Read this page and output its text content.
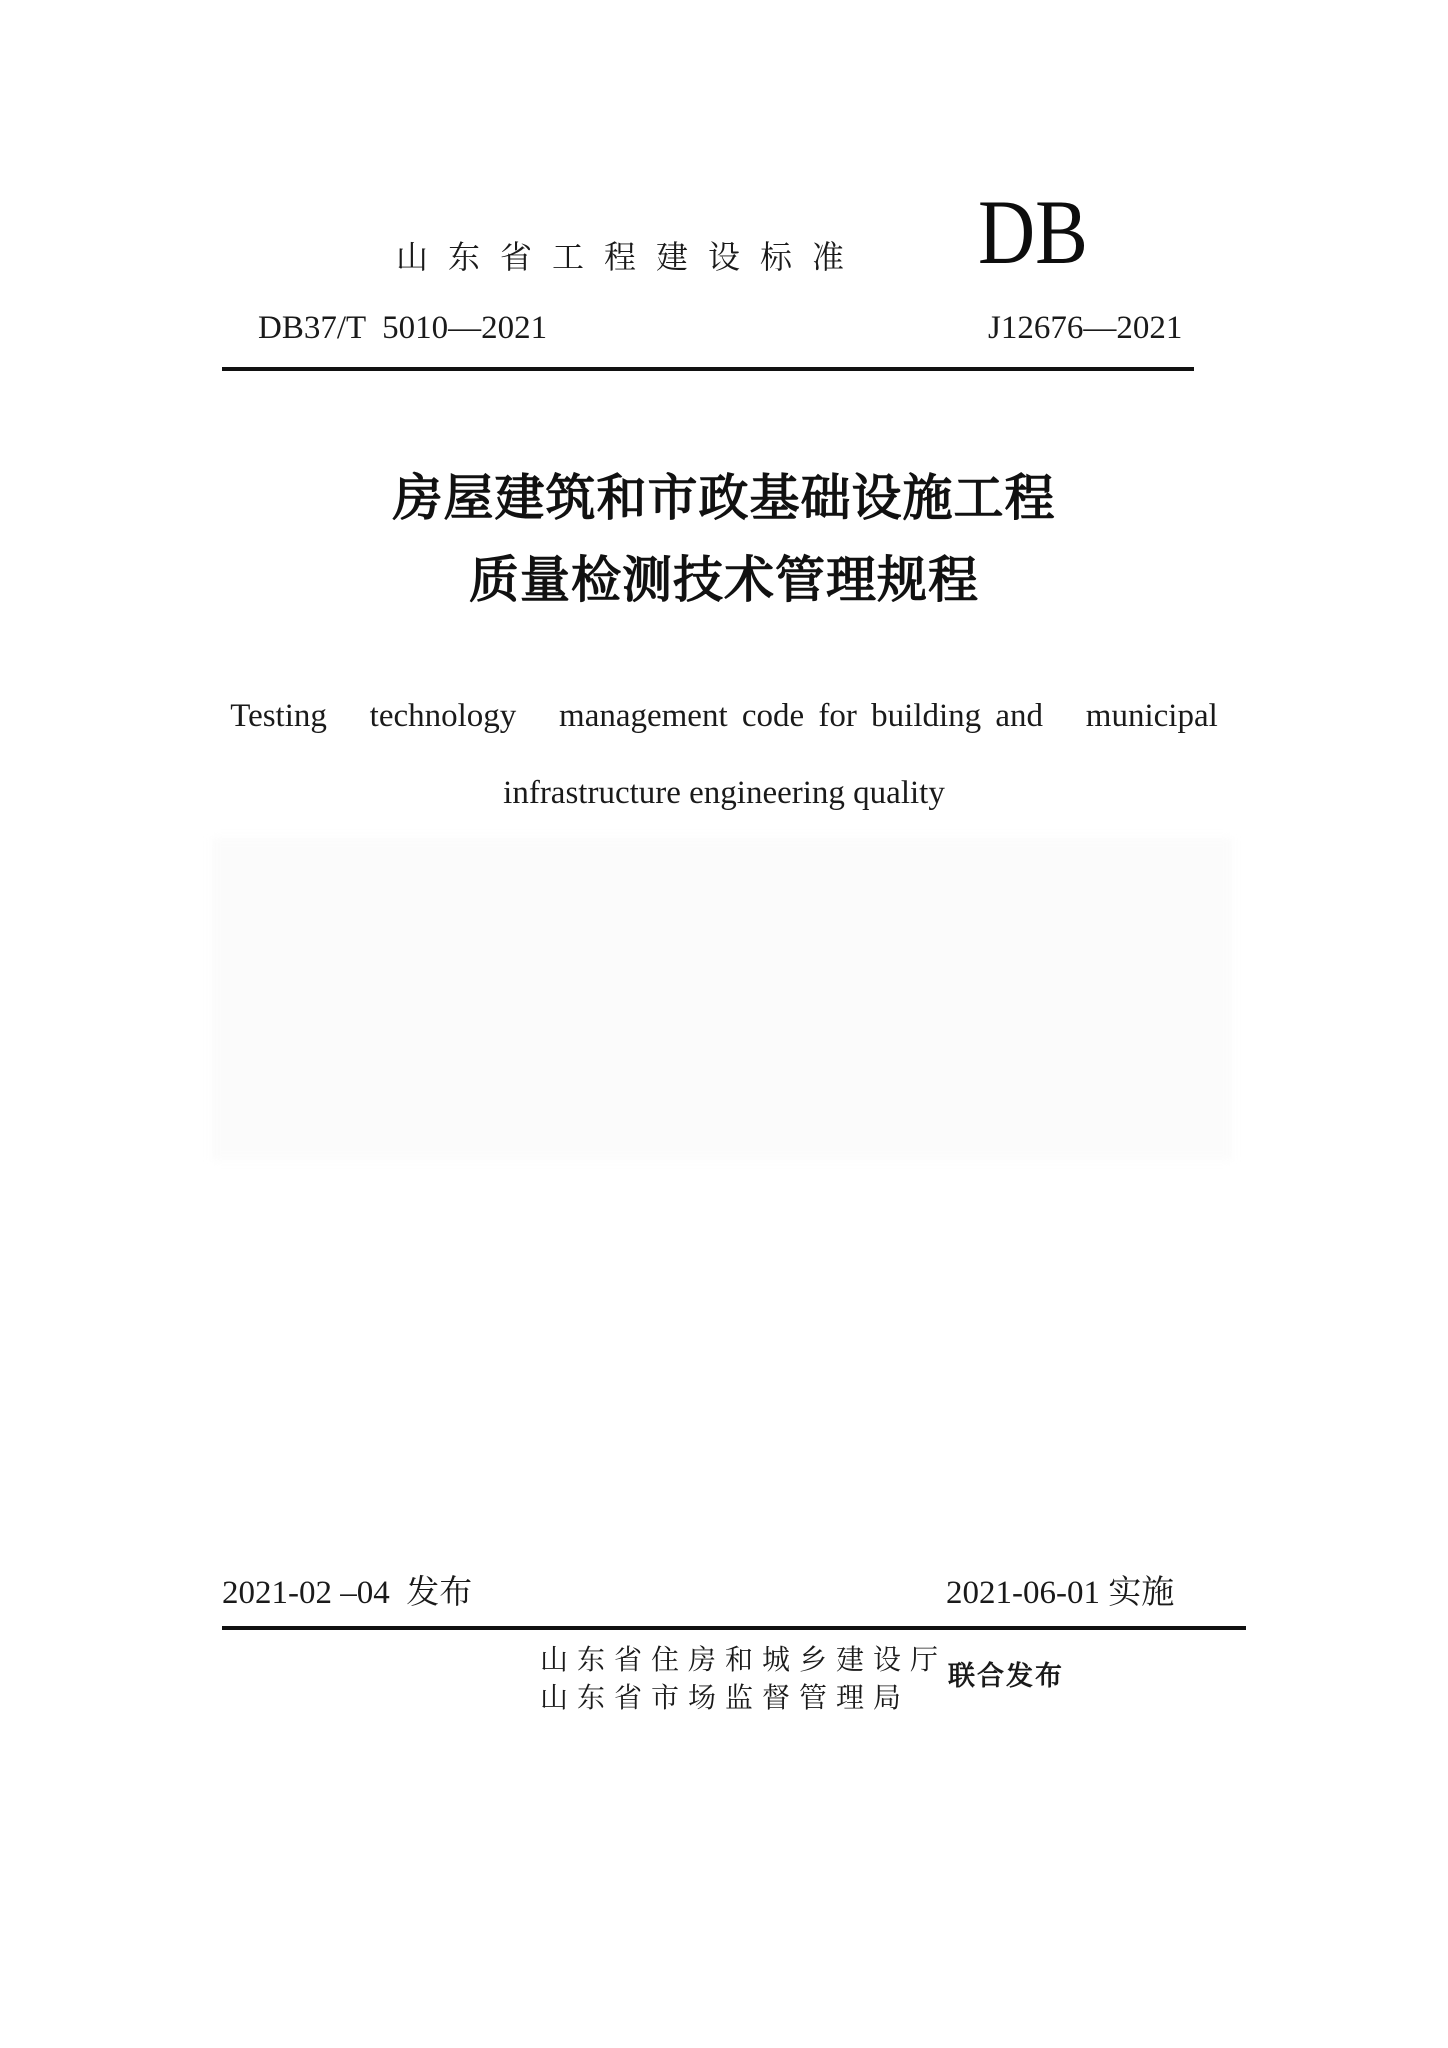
山东省工程建设标准 DB
DB37/T  5010—2021	J12676—2021
房屋建筑和市政基础设施工程
质量检测技术管理规程
Testing   technology   management code for building and   municipal
infrastructure engineering quality
2021-02 –04  发布	2021-06-01 实施
山东省住房和城乡建设厅
山东省市场监督管理局
联合发布
